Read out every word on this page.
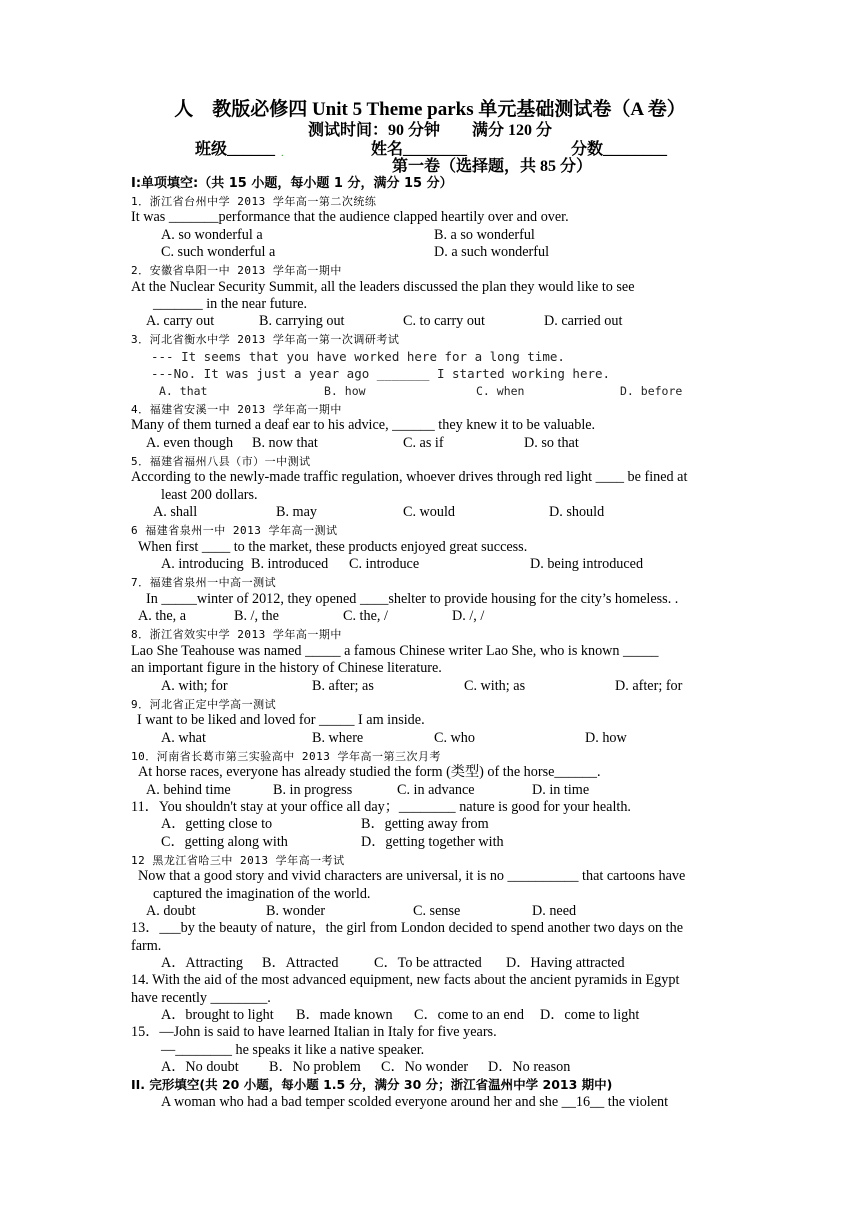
人　教版必修四 Unit 5 Theme parks 单元基础测试卷（A 卷）
测试时间：90 分钟　　满分 120 分
班级______ .	姓名________	分数________
第一卷（选择题，共 85 分）
I:单项填空:（共 15 小题，每小题 1 分，满分 15 分）
1．浙江省台州中学 2013 学年高一第二次统练
It was _______performance that the audience clapped heartily over and over.
A. so wonderful a	B. a so wonderful
C. such wonderful a	D. a such wonderful
2．安徽省阜阳一中 2013 学年高一期中
At the Nuclear Security Summit, all the leaders discussed the plan they would like to see
_______ in the near future.
A. carry out	B. carrying out	C. to carry out	D. carried out
3．河北省衡水中学 2013 学年高一第一次调研考试
--- It seems that you have worked here for a long time.
---No. It was just a year ago _______ I started working here.
A. that	B. how	C. when	D. before
4．福建省安溪一中 2013 学年高一期中
Many of them turned a deaf ear to his advice, ______ they knew it to be valuable.
A. even though B. now that	C. as if	D. so that
5．福建省福州八县（市）一中测试
According to the newly-made traffic regulation, whoever drives through red light ____ be fined at
least 200 dollars.
A. shall	B. may	C. would	D. should
6 福建省泉州一中 2013 学年高一测试
When first ____ to the market, these products enjoyed great success.
A. introducing B. introduced C. introduce	D. being introduced
7．福建省泉州一中高一测试
In _____winter of 2012, they opened ____shelter to provide housing for the city’s homeless. .
A. the, a	B. /, the	C. the, /	D. /, /
8．浙江省效实中学 2013 学年高一期中
Lao She Teahouse was named _____ a famous Chinese writer Lao She, who is known _____
an important figure in the history of Chinese literature.
A. with; for	B. after; as	C. with; as	D. after; for
9．河北省正定中学高一测试
I want to be liked and loved for _____ I am inside.
A. what	B. where	C. who	D. how
10．河南省长葛市第三实验高中 2013 学年高一第三次月考
At horse races, everyone has already studied the form (类型) of the horse______.
A. behind time	B. in progress	C. in advance	D. in time
11．You shouldn't stay at your office all day；________ nature is good for your health.
A．getting close to	B．getting away from
C．getting along with	D．getting together with
12 黑龙江省哈三中 2013 学年高一考试
Now that a good story and vivid characters are universal, it is no __________ that cartoons have
captured the imagination of the world.
A. doubt	B. wonder	C. sense	D. need
13．___by the beauty of nature，the girl from London decided to spend another two days on the
farm.
A．Attracting B．Attracted	C．To be attracted D．Having attracted
14. With the aid of the most advanced equipment, new facts about the ancient pyramids in Egypt
have recently ________.
A．brought to light B．made known C．come to an end D．come to light
15．—John is said to have learned Italian in Italy for five years.
—________ he speaks it like a native speaker.
A．No doubt B．No problem C．No wonder D．No reason
II. 完形填空(共 20 小题，每小题 1.5 分，满分 30 分；浙江省温州中学 2013 期中)
A woman who had a bad temper scolded everyone around her and she __16__ the violent
